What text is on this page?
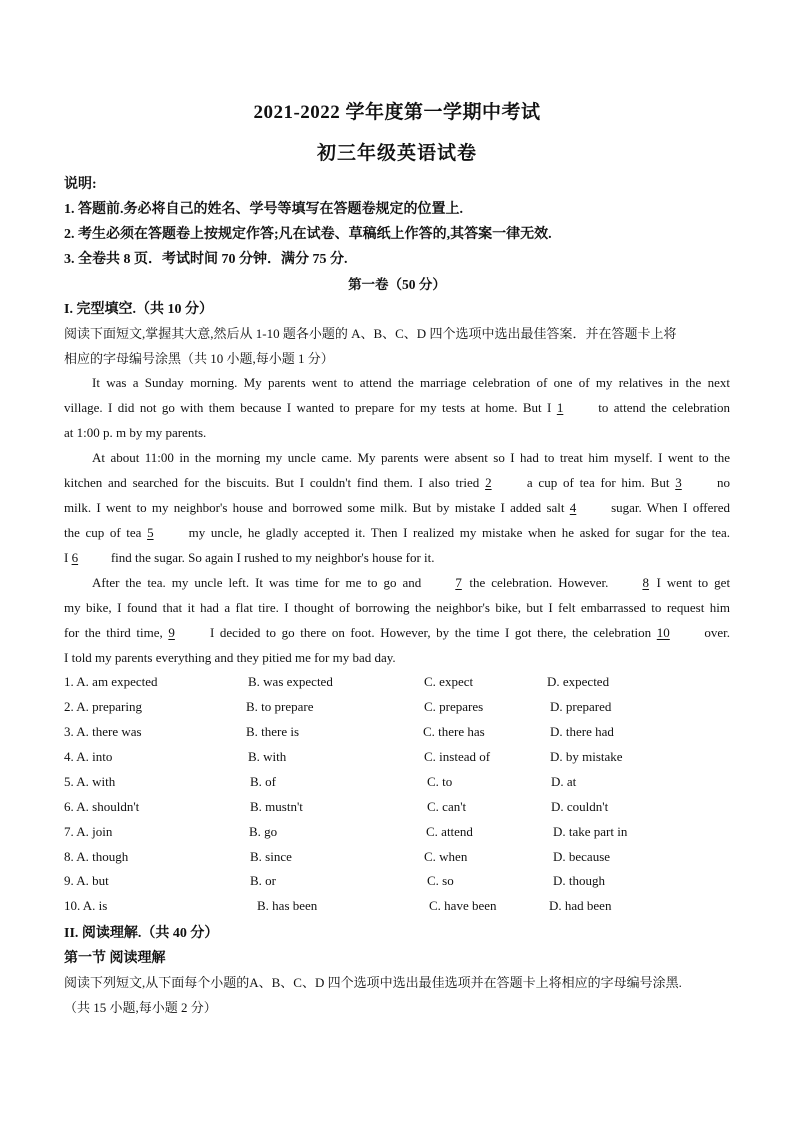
2021-2022 学年度第一学期中考试
初三年级英语试卷
说明:
1. 答题前.务必将自己的姓名、学号等填写在答题卷规定的位置上.
2. 考生必须在答题卷上按规定作答;凡在试卷、草稿纸上作答的,其答案一律无效.
3. 全卷共 8 页．考试时间 70 分钟．满分 75 分.
第一卷（50 分）
I. 完型填空.（共 10 分）
阅读下面短文,掌握其大意,然后从 1-10 题各小题的 A、B、C、D 四个选项中选出最佳答案．并在答题卡上将
相应的字母编号涂黑（共 10 小题,每小题 1 分）
It was a Sunday morning. My parents went to attend the marriage celebration of one of my relatives in the next
village. I did not go with them because I wanted to prepare for my tests at home. But I 1	to attend the celebration
at 1:00 p. m by my parents.
At about 11:00 in the morning my uncle came. My parents were absent so I had to treat him myself. I went to the
kitchen and searched for the biscuits. But I couldn't find them. I also tried 2	a cup of tea for him. But 3	no
milk. I went to my neighbor's house and borrowed some milk. But by mistake I added salt 4	sugar. When I offered
the cup of tea 5	my uncle, he gladly accepted it. Then I realized my mistake when he asked for sugar for the tea.
I 6	find the sugar. So again I rushed to my neighbor's house for it.
After the tea. my uncle left. It was time for me to go and	7 the celebration. However.	8 I went to get
my bike, I found that it had a flat tire. I thought of borrowing the neighbor's bike, but I felt embarrassed to request him
for the third time, 9	I decided to go there on foot. However, by the time I got there, the celebration 10	over.
I told my parents everything and they pitied me for my bad day.
1. A. am expected	B. was expected	C. expect	D. expected
2. A. preparing	B. to prepare	C. prepares	D. prepared
3. A. there was	B. there is	C. there has	D. there had
4. A. into	B. with	C. instead of	D. by mistake
5. A. with	B. of	C. to	D. at
6. A. shouldn't	B. mustn't	C. can't	D. couldn't
7. A. join	B. go	C. attend	D. take part in
8. A. though	B. since	C. when	D. because
9. A. but	B. or	C. so	D. though
10. A. is	B. has been	C. have been	D. had been
II. 阅读理解.（共 40 分）
第一节 阅读理解
阅读下列短文,从下面每个小题的A、B、C、D 四个选项中选出最佳选项并在答题卡上将相应的字母编号涂黑.
（共 15 小题,每小题 2 分）
